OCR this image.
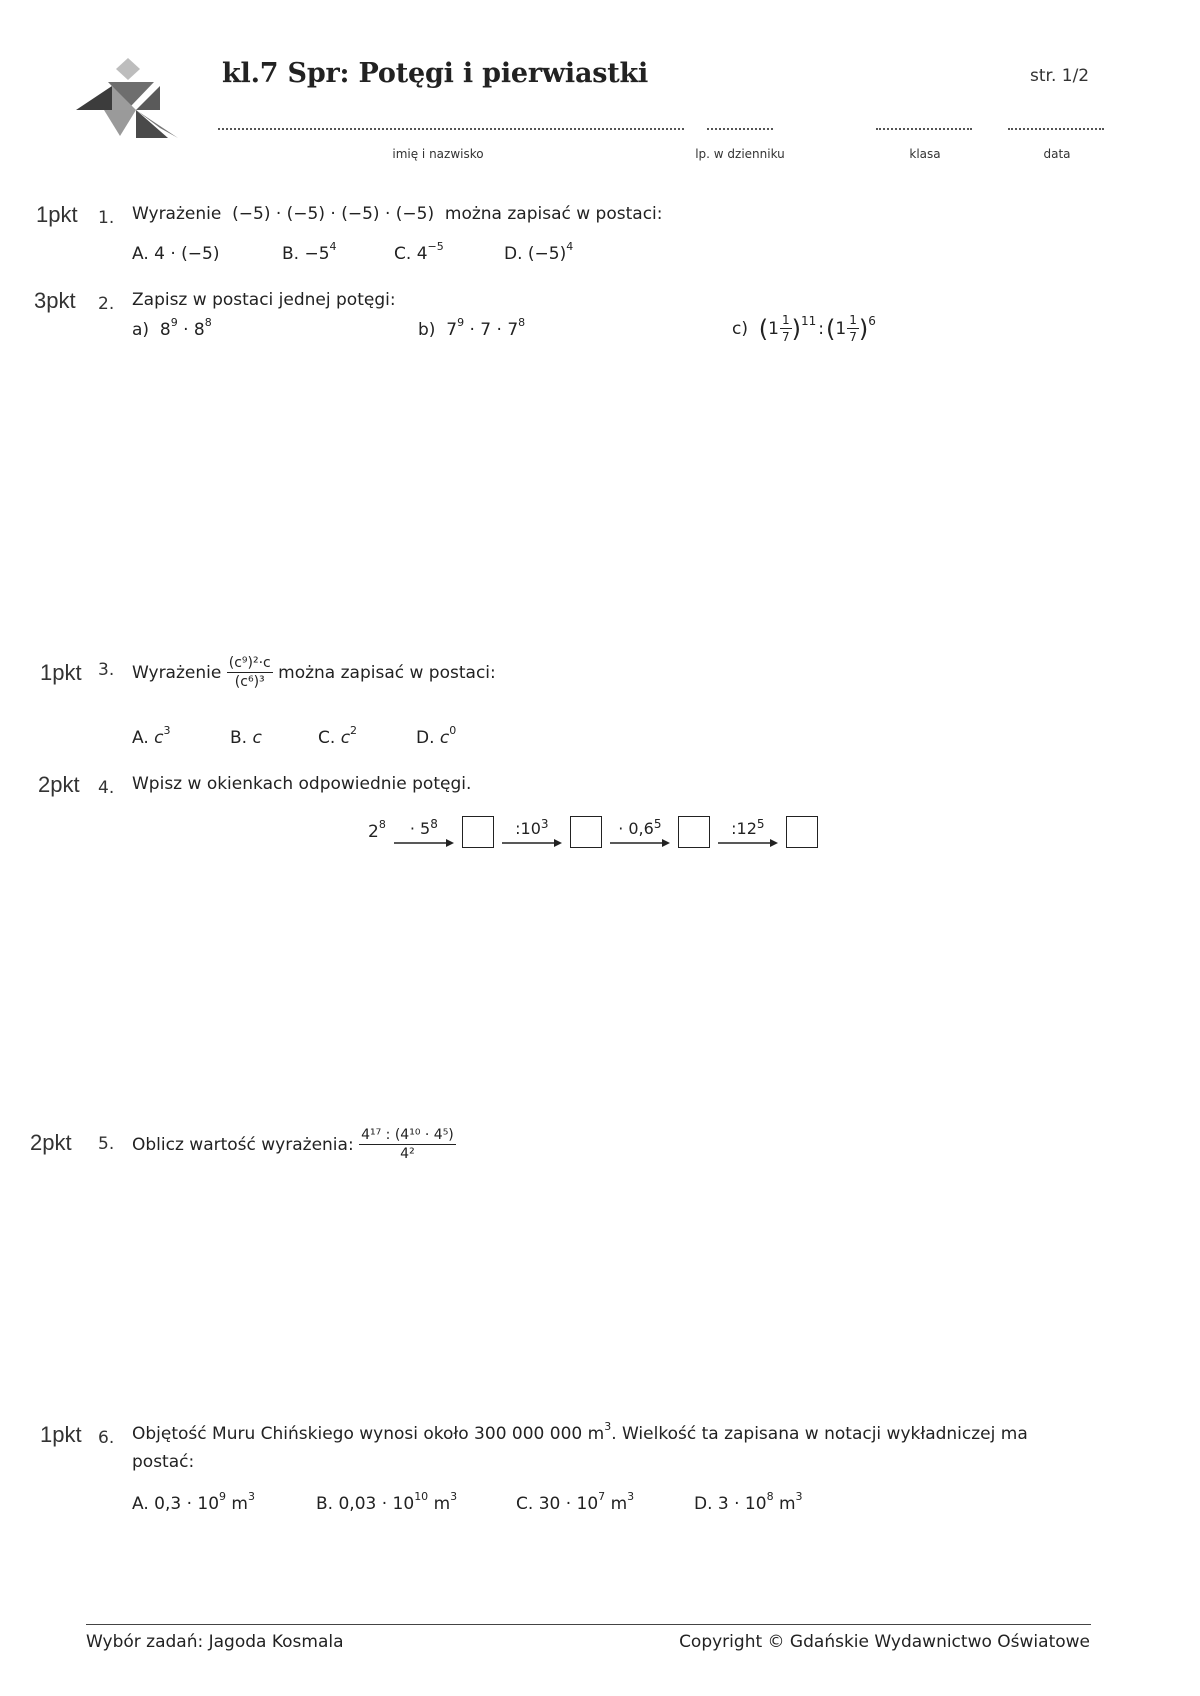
kl.7 Spr: Potęgi i pierwiastki	str. 1/2
imię i nazwisko	lp. w dzienniku	klasa	data
1pkt 1. Wyrażenie (−5) · (−5) · (−5) · (−5) można zapisać w postaci:
A. 4 · (−5)	B. $-5^4$	C. $4^{-5}$	D. $(-5)^4$
3pkt 2. Zapisz w postaci jednej potęgi:
a) $8^9 \cdot 8^8$	b) $7^9 \cdot 7 \cdot 7^8$	c)
( $1 \frac{1}{7}$ ) 11 : ( $1 \frac{1}{7}$ ) 6
1pkt 3. Wyrażenie
$\frac{\text{(c⁹)²·c}}{\text{(c⁶)³}}$
można zapisać w postaci:
A. $c^3$	B. c	C. $c^2$	D. $c^0$
2pkt 4. Wpisz w okienkach odpowiednie potęgi.
$2^8 \cdot 5^8$	$:10^3$	· $0,6^5$	$:12^5$
2pkt 5. Oblicz wartość wyrażenia:
$\frac{\text{4¹⁷ : (4¹⁰ · 4⁵)}}{\text{4²}}$
1pkt 6. Objętość Muru Chińskiego wynosi około 300 000 000 $m^3$. Wielkość ta zapisana w notacji wykładniczej ma
postać:
A. $0,3 \cdot 10^9$ $m^3$	B. $0,03 \cdot 10^{10}$ $m^3$	C. $30 \cdot 10^7$ $m^3$	D. $3 \cdot 10^8$ $m^3$
Wybór zadań: Jagoda Kosmala	Copyright © Gdańskie Wydawnictwo Oświatowe
